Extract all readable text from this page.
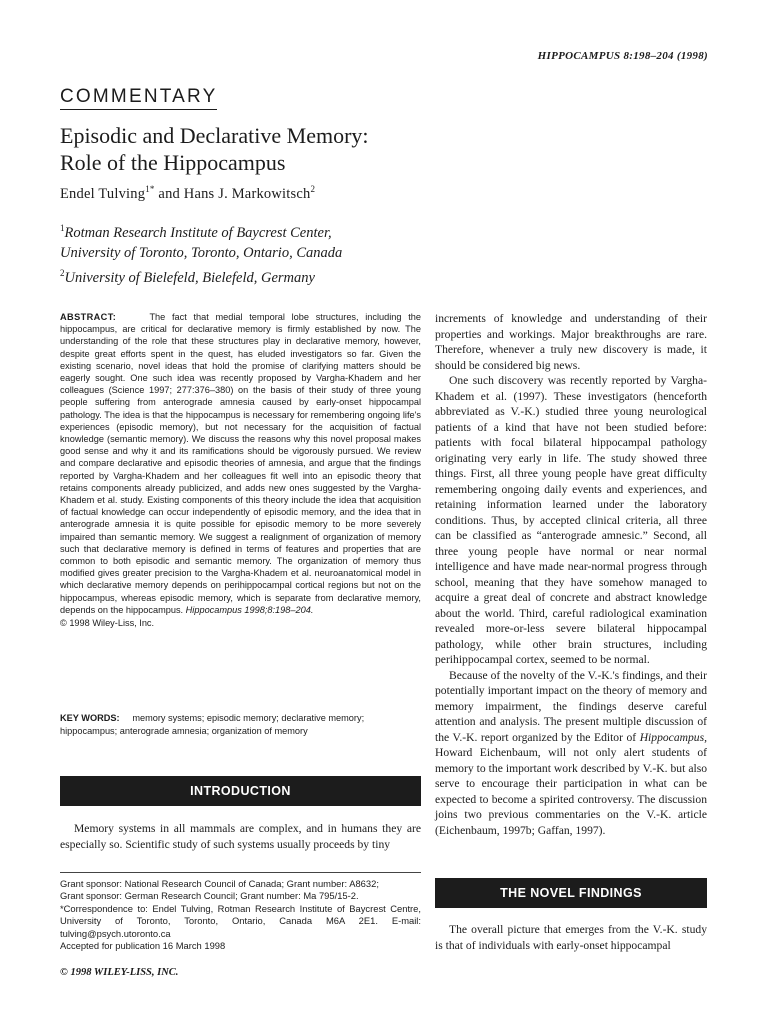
HIPPOCAMPUS 8:198–204 (1998)
COMMENTARY
Episodic and Declarative Memory:
Role of the Hippocampus
Endel Tulving$^{1*}$ and Hans J. Markowitsch$^2$
$^1$Rotman Research Institute of Baycrest Center,
University of Toronto, Toronto, Ontario, Canada
$^2$University of Bielefeld, Bielefeld, Germany
ABSTRACT:	The fact that medial temporal lobe structures, including the hippocampus, are critical for declarative memory is firmly established by now. The understanding of the role that these structures play in declarative memory, however, despite great efforts spent in the quest, has eluded investigators so far. Given the existing scenario, novel ideas that hold the promise of clarifying matters should be eagerly sought. One such idea was recently proposed by Vargha-Khadem and her colleagues (Science 1997; 277:376–380) on the basis of their study of three young people suffering from anterograde amnesia caused by early-onset hippocampal pathology. The idea is that the hippocampus is necessary for remembering ongoing life's experiences (episodic memory), but not necessary for the acquisition of factual knowledge (semantic memory). We discuss the reasons why this novel proposal makes good sense and why it and its ramifications should be vigorously pursued. We review and compare declarative and episodic theories of amnesia, and argue that the findings reported by Vargha-Khadem and her colleagues fit well into an episodic theory that retains components already publicized, and adds new ones suggested by the Vargha-Khadem et al. study. Existing components of this theory include the idea that acquisition of factual knowledge can occur independently of episodic memory, and the idea that in anterograde amnesia it is quite possible for episodic memory to be more severely impaired than semantic memory. We suggest a realignment of organization of memory such that declarative memory is defined in terms of features and properties that are common to both episodic and semantic memory. The organization of memory thus modified gives greater precision to the Vargha-Khadem et al. neuroanatomical model in which declarative memory depends on perihippocampal cortical regions but not on the hippocampus, whereas episodic memory, which is separate from declarative memory, depends on the hippocampus. Hippocampus 1998;8:198–204.
© 1998 Wiley-Liss, Inc.
KEY WORDS: memory systems; episodic memory; declarative memory; hippocampus; anterograde amnesia; organization of memory
INTRODUCTION

Memory systems in all mammals are complex, and in humans they are especially so. Scientific study of such systems usually proceeds by tiny

increments of knowledge and understanding of their properties and workings. Major breakthroughs are rare. Therefore, whenever a truly new discovery is made, it should be considered big news.

One such discovery was recently reported by Vargha-Khadem et al. (1997). These investigators (henceforth abbreviated as V.-K.) studied three young neurological patients of a kind that have not been studied before: patients with focal bilateral hippocampal pathology originating very early in life. The study showed three things. First, all three young people have great difficulty remembering ongoing daily events and experiences, and retaining information learned under the laboratory conditions. Thus, by accepted clinical criteria, all three can be classified as “anterograde amnesic.” Second, all three young people have normal or near normal intelligence and have made near-normal progress through school, meaning that they have somehow managed to acquire a great deal of concrete and abstract knowledge about the world. Third, careful radiological examination revealed more-or-less severe bilateral hippocampal pathology, while other brain structures, including perihippocampal cortex, seemed to be normal.

Because of the novelty of the V.-K.'s findings, and their potentially important impact on the theory of memory and memory impairment, the findings deserve careful attention and analysis. The present multiple discussion of the V.-K. report organized by the Editor of Hippocampus, Howard Eichenbaum, will not only alert students of memory to the important work described by V.-K. but also serve to encourage their participation in what can be expected to become a spirited controversy. The discussion joins two previous commentaries on the V.-K. article (Eichenbaum, 1997b; Gaffan, 1997).

THE NOVEL FINDINGS

The overall picture that emerges from the V.-K. study is that of individuals with early-onset hippocampal

Grant sponsor: National Research Council of Canada; Grant number: A8632;
Grant sponsor: German Research Council; Grant number: Ma 795/15-2.
*Correspondence to: Endel Tulving, Rotman Research Institute of Baycrest Centre, University of Toronto, Toronto, Ontario, Canada M6A 2E1. E-mail: tulving@psych.utoronto.ca
Accepted for publication 16 March 1998
© 1998 WILEY-LISS, INC.
